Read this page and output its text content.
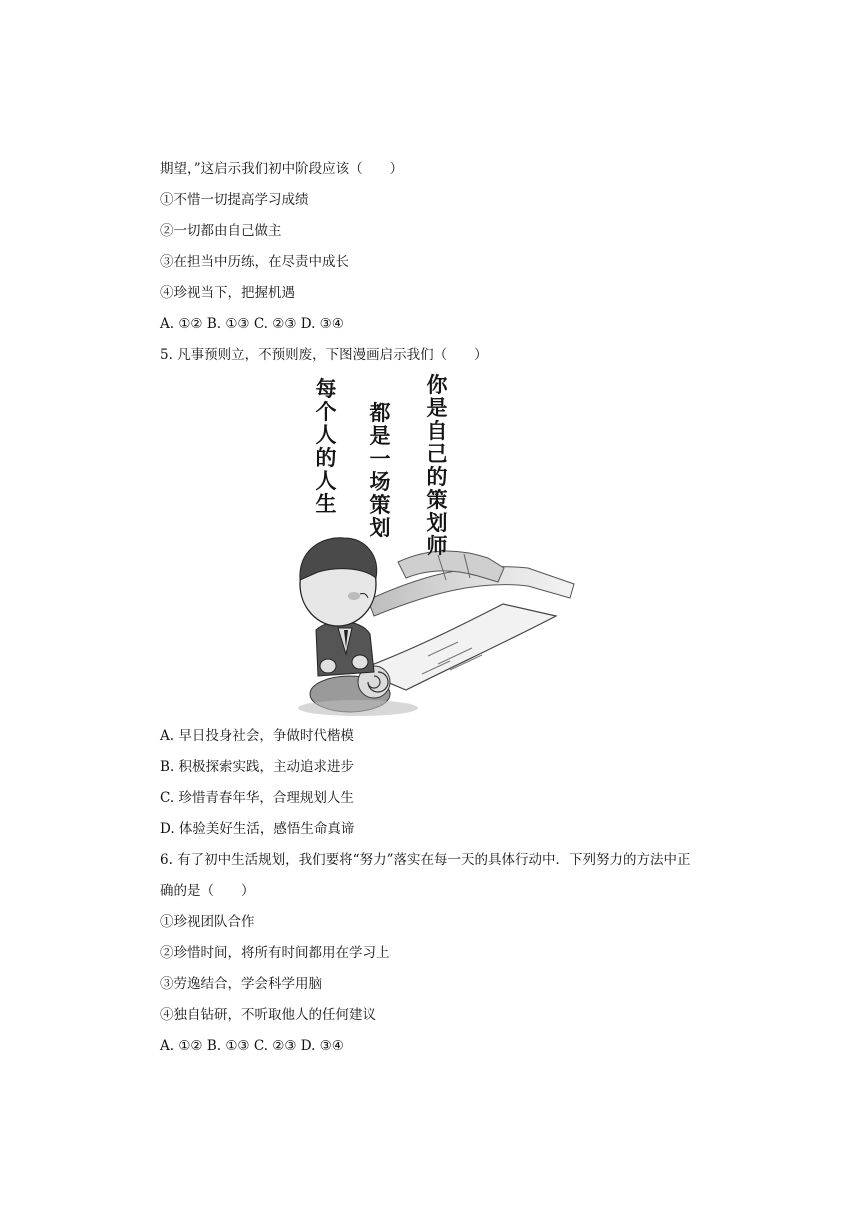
期望，”这启示我们初中阶段应该（　　）
①不惜一切提高学习成绩
②一切都由自己做主
③在担当中历练，在尽责中成长
④珍视当下，把握机遇
A. ①② B. ①③ C. ②③ D. ③④
5. 凡事预则立，不预则废，下图漫画启示我们（　　）
每个人的人生
都是一场策划
你是自己的策划师
A. 早日投身社会，争做时代楷模
B. 积极探索实践，主动追求进步
C. 珍惜青春年华，合理规划人生
D. 体验美好生活，感悟生命真谛
6. 有了初中生活规划，我们要将“努力”落实在每一天的具体行动中．下列努力的方法中正
确的是（　　）
①珍视团队合作
②珍惜时间，将所有时间都用在学习上
③劳逸结合，学会科学用脑
④独自钻研，不听取他人的任何建议
A. ①② B. ①③ C. ②③ D. ③④
